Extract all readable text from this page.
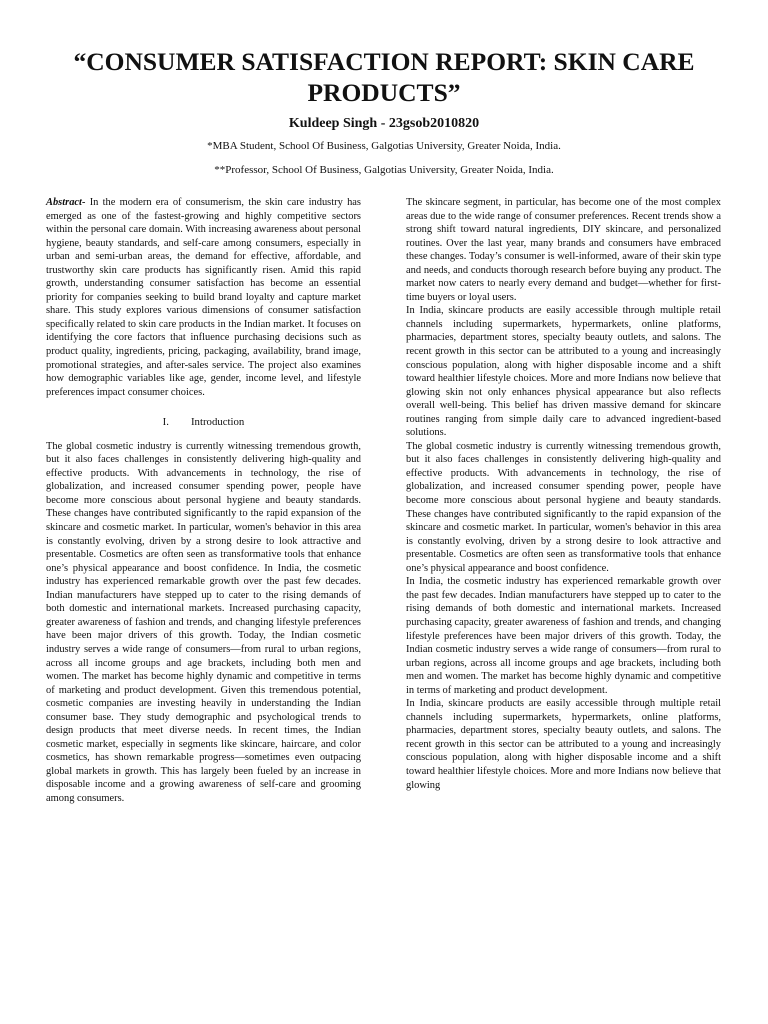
“CONSUMER SATISFACTION REPORT: SKIN CARE PRODUCTS”

Kuldeep Singh - 23gsob2010820

*MBA Student, School Of Business, Galgotias University, Greater Noida, India.

**Professor, School Of Business, Galgotias University, Greater Noida, India.

Abstract- In the modern era of consumerism, the skin care industry has emerged as one of the fastest-growing and highly competitive sectors within the personal care domain. With increasing awareness about personal hygiene, beauty standards, and self-care among consumers, especially in urban and semi-urban areas, the demand for effective, affordable, and trustworthy skin care products has significantly risen. Amid this rapid growth, understanding consumer satisfaction has become an essential priority for companies seeking to build brand loyalty and capture market share. This study explores various dimensions of consumer satisfaction specifically related to skin care products in the Indian market. It focuses on identifying the core factors that influence purchasing decisions such as product quality, ingredients, pricing, packaging, availability, brand image, promotional strategies, and after-sales service. The project also examines how demographic variables like age, gender, income level, and lifestyle preferences impact consumer choices.

I. Introduction

The global cosmetic industry is currently witnessing tremendous growth, but it also faces challenges in consistently delivering high-quality and effective products. With advancements in technology, the rise of globalization, and increased consumer spending power, people have become more conscious about personal hygiene and beauty standards. These changes have contributed significantly to the rapid expansion of the skincare and cosmetic market. In particular, women's behavior in this area is constantly evolving, driven by a strong desire to look attractive and presentable. Cosmetics are often seen as transformative tools that enhance one’s physical appearance and boost confidence. In India, the cosmetic industry has experienced remarkable growth over the past few decades. Indian manufacturers have stepped up to cater to the rising demands of both domestic and international markets. Increased purchasing capacity, greater awareness of fashion and trends, and changing lifestyle preferences have been major drivers of this growth. Today, the Indian cosmetic industry serves a wide range of consumers—from rural to urban regions, across all income groups and age brackets, including both men and women. The market has become highly dynamic and competitive in terms of marketing and product development. Given this tremendous potential, cosmetic companies are investing heavily in understanding the Indian consumer base. They study demographic and psychological trends to design products that meet diverse needs. In recent times, the Indian cosmetic market, especially in segments like skincare, haircare, and color cosmetics, has shown remarkable progress—sometimes even outpacing global markets in growth. This has largely been fueled by an increase in disposable income and a growing awareness of self-care and grooming among consumers.

The skincare segment, in particular, has become one of the most complex areas due to the wide range of consumer preferences. Recent trends show a strong shift toward natural ingredients, DIY skincare, and personalized routines. Over the last year, many brands and consumers have embraced these changes. Today’s consumer is well-informed, aware of their skin type and needs, and conducts thorough research before buying any product. The market now caters to nearly every demand and budget—whether for first-time buyers or loyal users.

In India, skincare products are easily accessible through multiple retail channels including supermarkets, hypermarkets, online platforms, pharmacies, department stores, specialty beauty outlets, and salons. The recent growth in this sector can be attributed to a young and increasingly conscious population, along with higher disposable income and a shift toward healthier lifestyle choices. More and more Indians now believe that glowing skin not only enhances physical appearance but also reflects overall well-being. This belief has driven massive demand for skincare routines ranging from simple daily care to advanced ingredient-based solutions.

The global cosmetic industry is currently witnessing tremendous growth, but it also faces challenges in consistently delivering high-quality and effective products. With advancements in technology, the rise of globalization, and increased consumer spending power, people have become more conscious about personal hygiene and beauty standards. These changes have contributed significantly to the rapid expansion of the skincare and cosmetic market. In particular, women's behavior in this area is constantly evolving, driven by a strong desire to look attractive and presentable. Cosmetics are often seen as transformative tools that enhance one’s physical appearance and boost confidence.

In India, the cosmetic industry has experienced remarkable growth over the past few decades. Indian manufacturers have stepped up to cater to the rising demands of both domestic and international markets. Increased purchasing capacity, greater awareness of fashion and trends, and changing lifestyle preferences have been major drivers of this growth. Today, the Indian cosmetic industry serves a wide range of consumers—from rural to urban regions, across all income groups and age brackets, including both men and women. The market has become highly dynamic and competitive in terms of marketing and product development.

In India, skincare products are easily accessible through multiple retail channels including supermarkets, hypermarkets, online platforms, pharmacies, department stores, specialty beauty outlets, and salons. The recent growth in this sector can be attributed to a young and increasingly conscious population, along with higher disposable income and a shift toward healthier lifestyle choices. More and more Indians now believe that glowing
